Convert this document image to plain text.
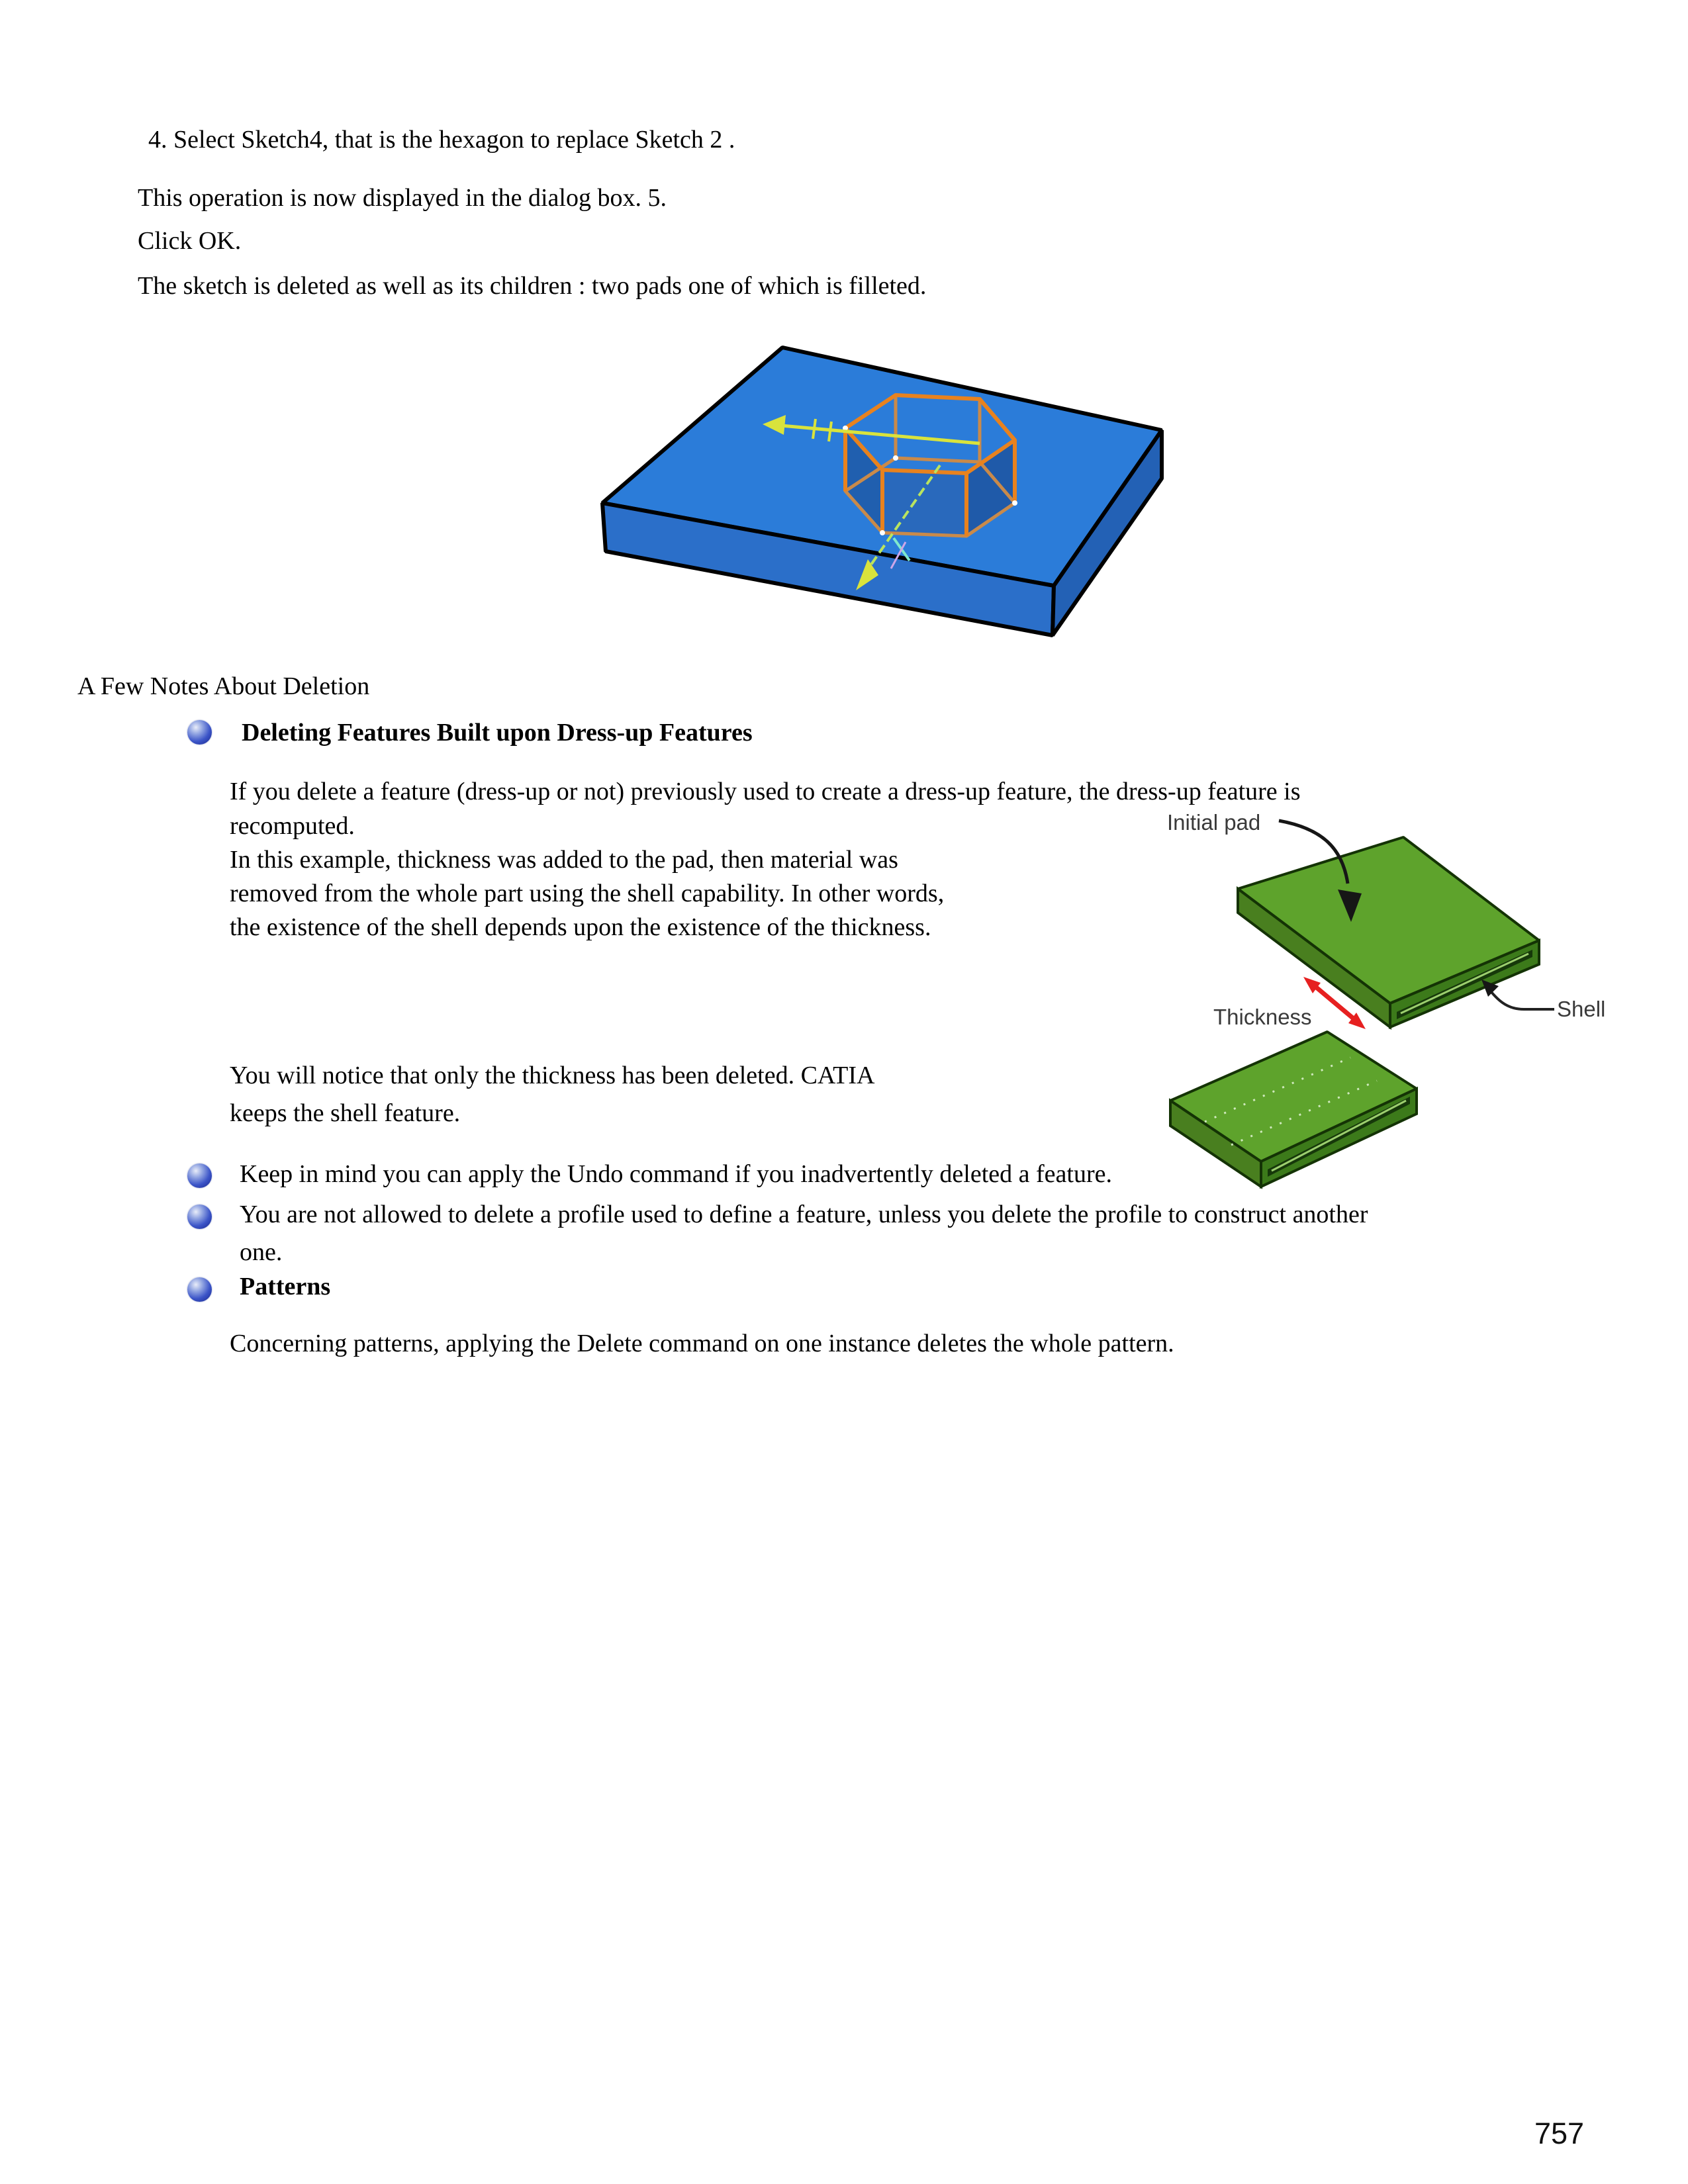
4. Select Sketch4, that is the hexagon to replace Sketch 2 .
This operation is now displayed in the dialog box. 5.
Click OK.
The sketch is deleted as well as its children : two pads one of which is filleted.
A Few Notes About Deletion
Deleting Features Built upon Dress-up Features
If you delete a feature (dress-up or not) previously used to create a dress-up feature, the dress-up feature is
recomputed.
In this example, thickness was added to the pad, then material was
removed from the whole part using the shell capability. In other words,
the existence of the shell depends upon the existence of the thickness.
Initial pad
Thickness	Shell
You will notice that only the thickness has been deleted. CATIA
keeps the shell feature.
Keep in mind you can apply the Undo command if you inadvertently deleted a feature.
You are not allowed to delete a profile used to define a feature, unless you delete the profile to construct another
one.
Patterns
Concerning patterns, applying the Delete command on one instance deletes the whole pattern.
757
